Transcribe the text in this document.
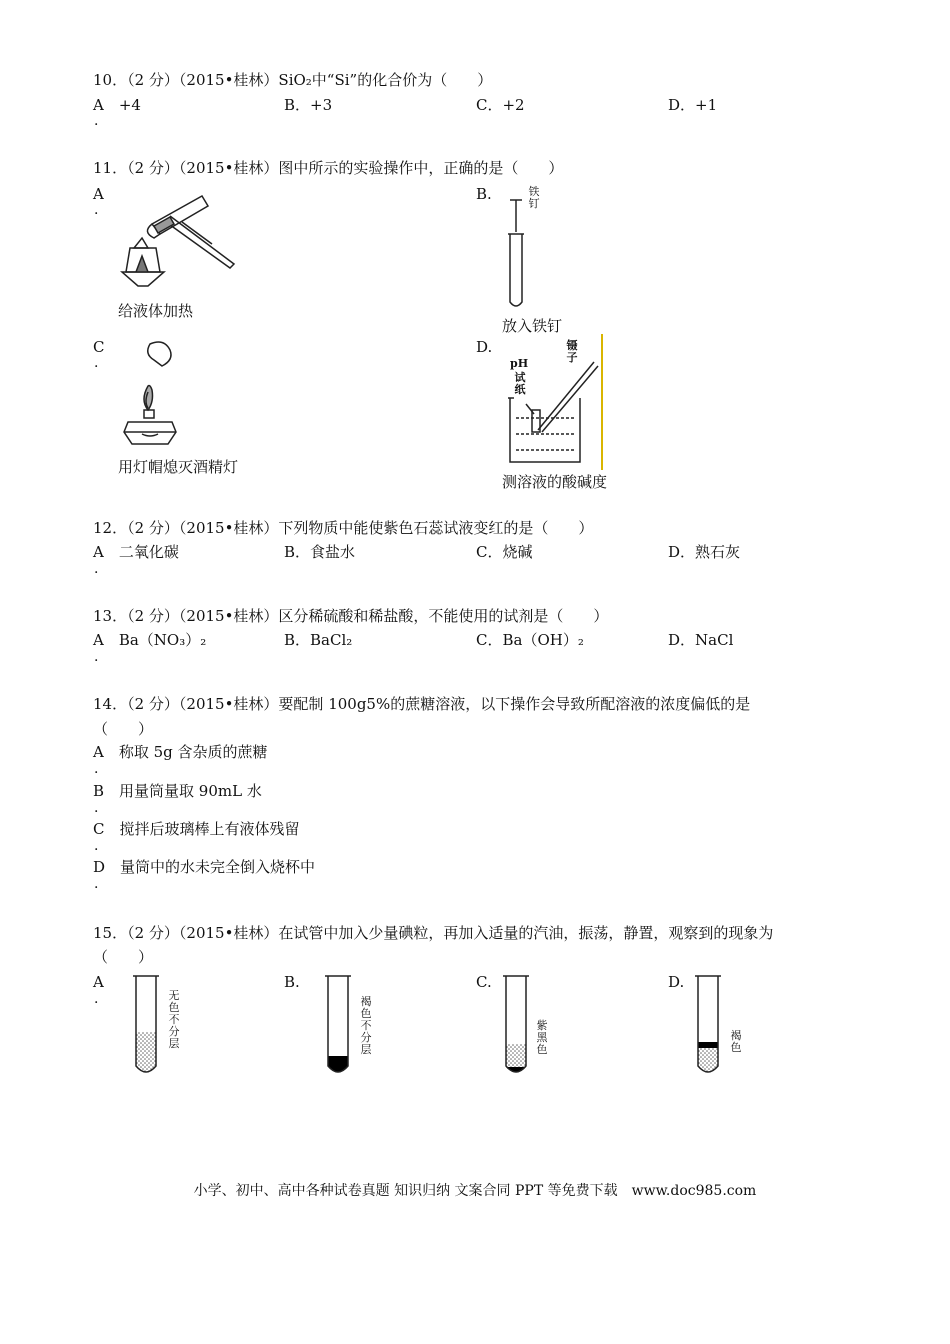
10．（2 分）（2015•桂林）SiO₂中“Si”的化合价为（　　）
A　+4	B．+3	C．+2	D．+1
·
11．（2 分）（2015•桂林）图中所示的实验操作中，正确的是（　　）
A
·
B.
C
·
D.
给液体加热
铁钉
放入铁钉
用灯帽熄灭酒精灯
pH
试纸
镊子
测溶液的酸碱度
12．（2 分）（2015•桂林）下列物质中能使紫色石蕊试液变红的是（　　）
A　二氧化碳	B．食盐水	C．烧碱	D．熟石灰
·
13．（2 分）（2015•桂林）区分稀硫酸和稀盐酸，不能使用的试剂是（　　）
A　Ba（NO₃）₂	B．BaCl₂	C．Ba（OH）₂	D．NaCl
·
14．（2 分）（2015•桂林）要配制 100g5%的蔗糖溶液，以下操作会导致所配溶液的浓度偏低的是
（　　）
A　称取 5g 含杂质的蔗糖
·
B　用量筒量取 90mL 水
·
C　搅拌后玻璃棒上有液体残留
·
D　量筒中的水未完全倒入烧杯中
·
15．（2 分）（2015•桂林）在试管中加入少量碘粒，再加入适量的汽油，振荡，静置，观察到的现象为
（　　）
A
·
B.	C.	D.
无色不分层
褐色不分层
紫黑色
褐色
小学、初中、高中各种试卷真题 知识归纳 文案合同 PPT 等免费下载　www.doc985.com
